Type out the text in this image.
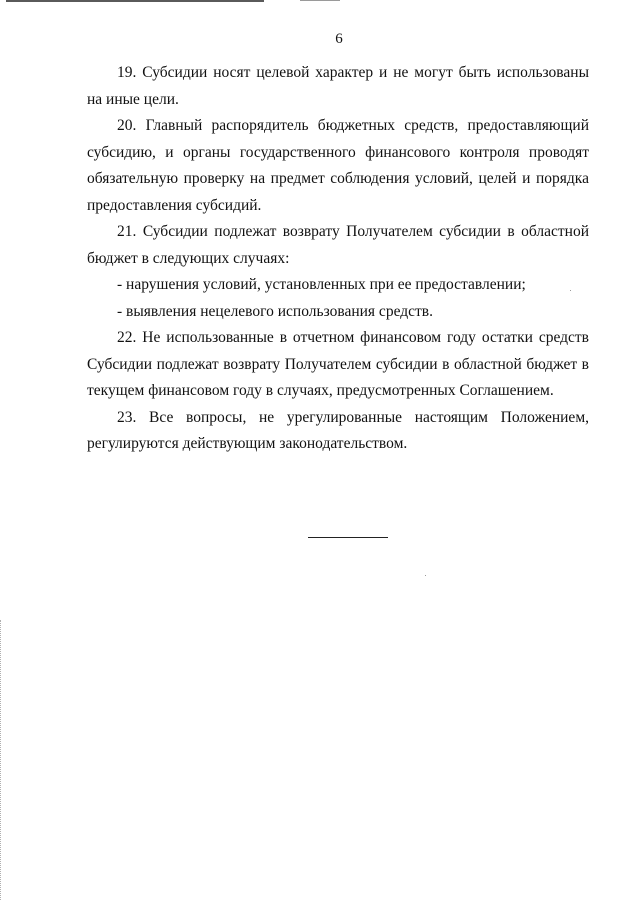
6

19. Субсидии носят целевой характер и не могут быть использованы на иные цели.

20. Главный распорядитель бюджетных средств, предоставляющий субсидию, и органы государственного финансового контроля проводят обязательную проверку на предмет соблюдения условий, целей и порядка предоставления субсидий.

21. Субсидии подлежат возврату Получателем субсидии в областной бюджет в следующих случаях:

- нарушения условий, установленных при ее предоставлении;

- выявления нецелевого использования средств.

22. Не использованные в отчетном финансовом году остатки средств Субсидии подлежат возврату Получателем субсидии в областной бюджет в текущем финансовом году в случаях, предусмотренных Соглашением.

23. Все вопросы, не урегулированные настоящим Положением, регулируются действующим законодательством.
